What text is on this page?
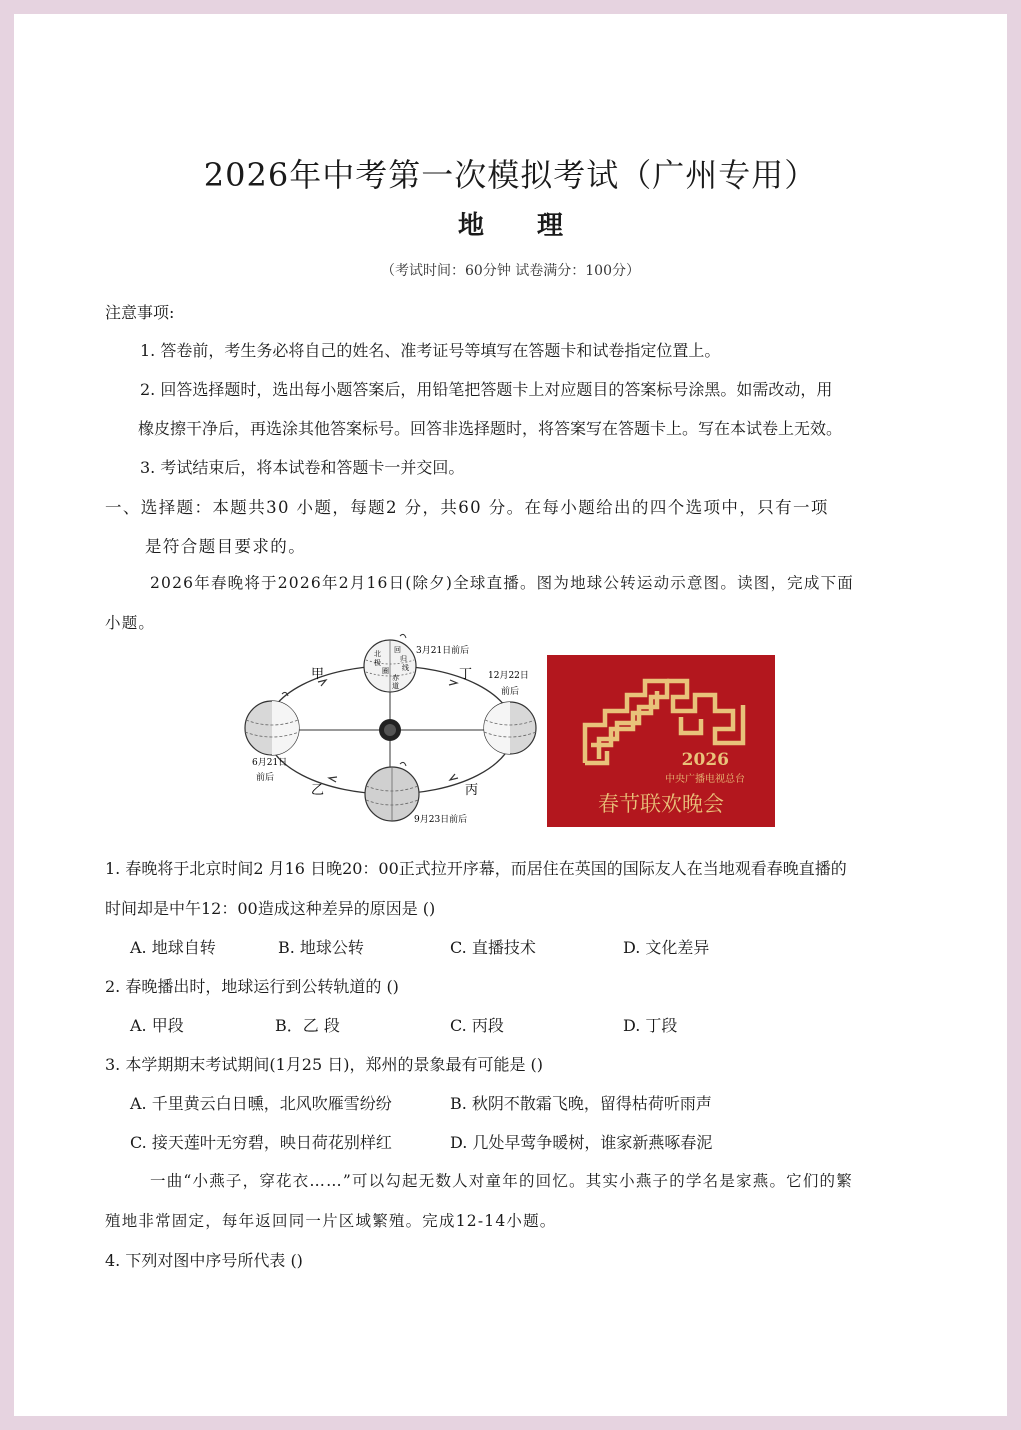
2026年中考第一次模拟考试（广州专用）
地 理
（考试时间：60分钟 试卷满分：100分）
注意事项:
1. 答卷前，考生务必将自己的姓名、准考证号等填写在答题卡和试卷指定位置上。
2. 回答选择题时，选出每小题答案后，用铅笔把答题卡上对应题目的答案标号涂黑。如需改动，用
橡皮擦干净后，再选涂其他答案标号。回答非选择题时，将答案写在答题卡上。写在本试卷上无效。
3. 考试结束后，将本试卷和答题卡一并交回。
一、选择题：本题共30 小题，每题2 分，共60 分。在每小题给出的四个选项中，只有一项
是符合题目要求的。
2026年春晚将于2026年2月16日(除夕)全球直播。图为地球公转运动示意图。读图，完成下面
小题。
北
极
圈
回
归
线
赤
道
甲	丁
乙	丙
3月21日前后
12月22日
前后
6月21日
前后
9月23日前后
2026
中央广播电视总台
春节联欢晚会
1. 春晚将于北京时间2 月16 日晚20：00正式拉开序幕，而居住在英国的国际友人在当地观看春晚直播的
时间却是中午12：00造成这种差异的原因是 ()
A. 地球自转	B. 地球公转	C. 直播技术	D. 文化差异
2. 春晚播出时，地球运行到公转轨道的 ()
A. 甲段	B．乙 段	C. 丙段	D. 丁段
3. 本学期期末考试期间(1月25 日)，郑州的景象最有可能是 ()
A. 千里黄云白日曛，北风吹雁雪纷纷	B. 秋阴不散霜飞晚，留得枯荷听雨声
C. 接天莲叶无穷碧，映日荷花别样红	D. 几处早莺争暖树，谁家新燕啄春泥
一曲“小燕子，穿花衣……”可以勾起无数人对童年的回忆。其实小燕子的学名是家燕。它们的繁
殖地非常固定，每年返回同一片区域繁殖。完成12-14小题。
4. 下列对图中序号所代表 ()
